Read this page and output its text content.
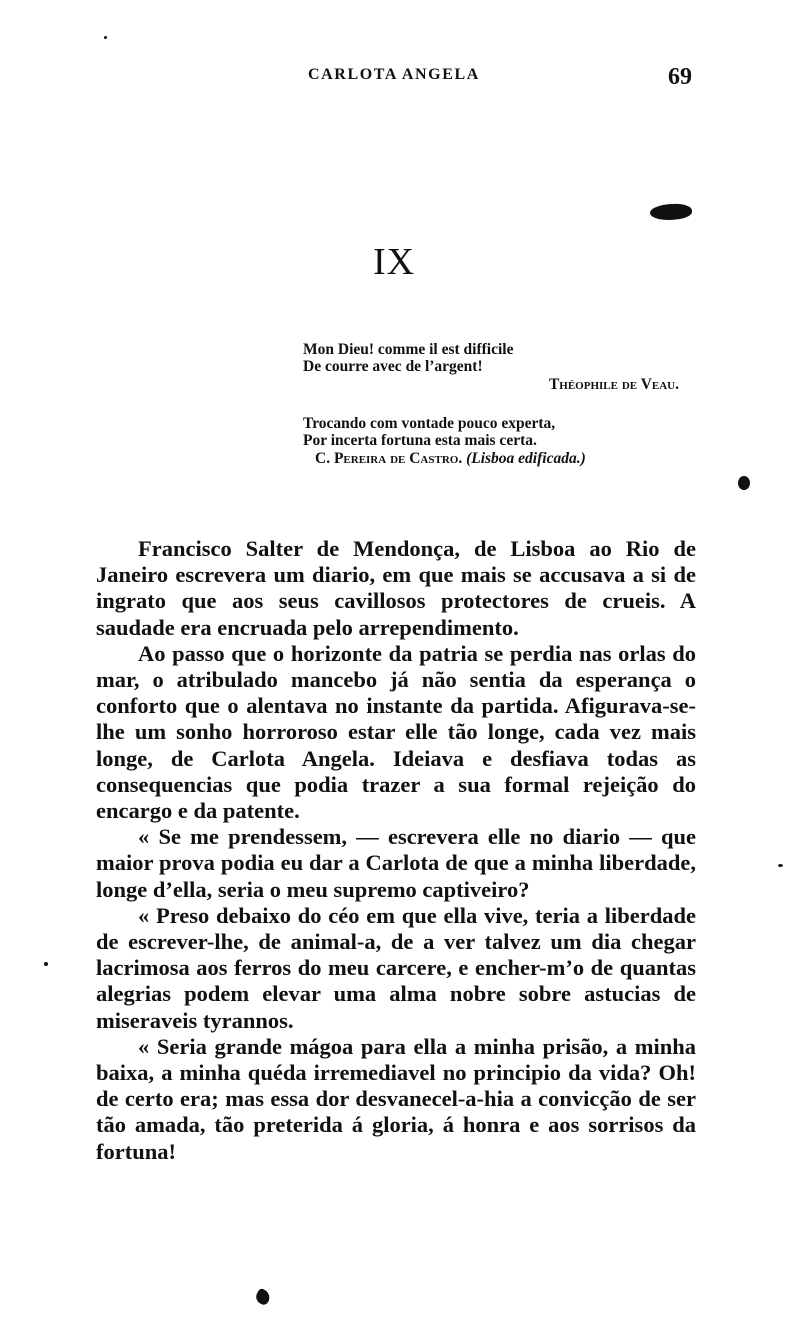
CARLOTA ANGELA	69
IX
Mon Dieu! comme il est difficile
De courre avec de l’argent!
Théophile de Veau.
Trocando com vontade pouco experta,
Por incerta fortuna esta mais certa.
C. Pereira de Castro. (Lisboa edificada.)

Francisco Salter de Mendonça, de Lisboa ao Rio de Janeiro escrevera um diario, em que mais se accusava a si de ingrato que aos seus cavillosos protectores de crueis. A saudade era encruada pelo arrependimento.

Ao passo que o horizonte da patria se perdia nas orlas do mar, o atribulado mancebo já não sentia da esperança o conforto que o alentava no instante da partida. Afigurava-se-lhe um sonho horroroso estar elle tão longe, cada vez mais longe, de Carlota Angela. Ideiava e desfiava todas as consequencias que podia trazer a sua formal rejeição do encargo e da patente.

« Se me prendessem, — escrevera elle no diario — que maior prova podia eu dar a Carlota de que a minha liberdade, longe d’ella, seria o meu supremo captiveiro?

« Preso debaixo do céo em que ella vive, teria a liberdade de escrever-lhe, de animal-a, de a ver talvez um dia chegar lacrimosa aos ferros do meu carcere, e encher-m’o de quantas alegrias podem elevar uma alma nobre sobre astucias de miseraveis tyrannos.

« Seria grande mágoa para ella a minha prisão, a minha baixa, a minha quéda irremediavel no principio da vida? Oh! de certo era; mas essa dor desvanecel-a-hia a convicção de ser tão amada, tão preterida á gloria, á honra e aos sorrisos da fortuna!
